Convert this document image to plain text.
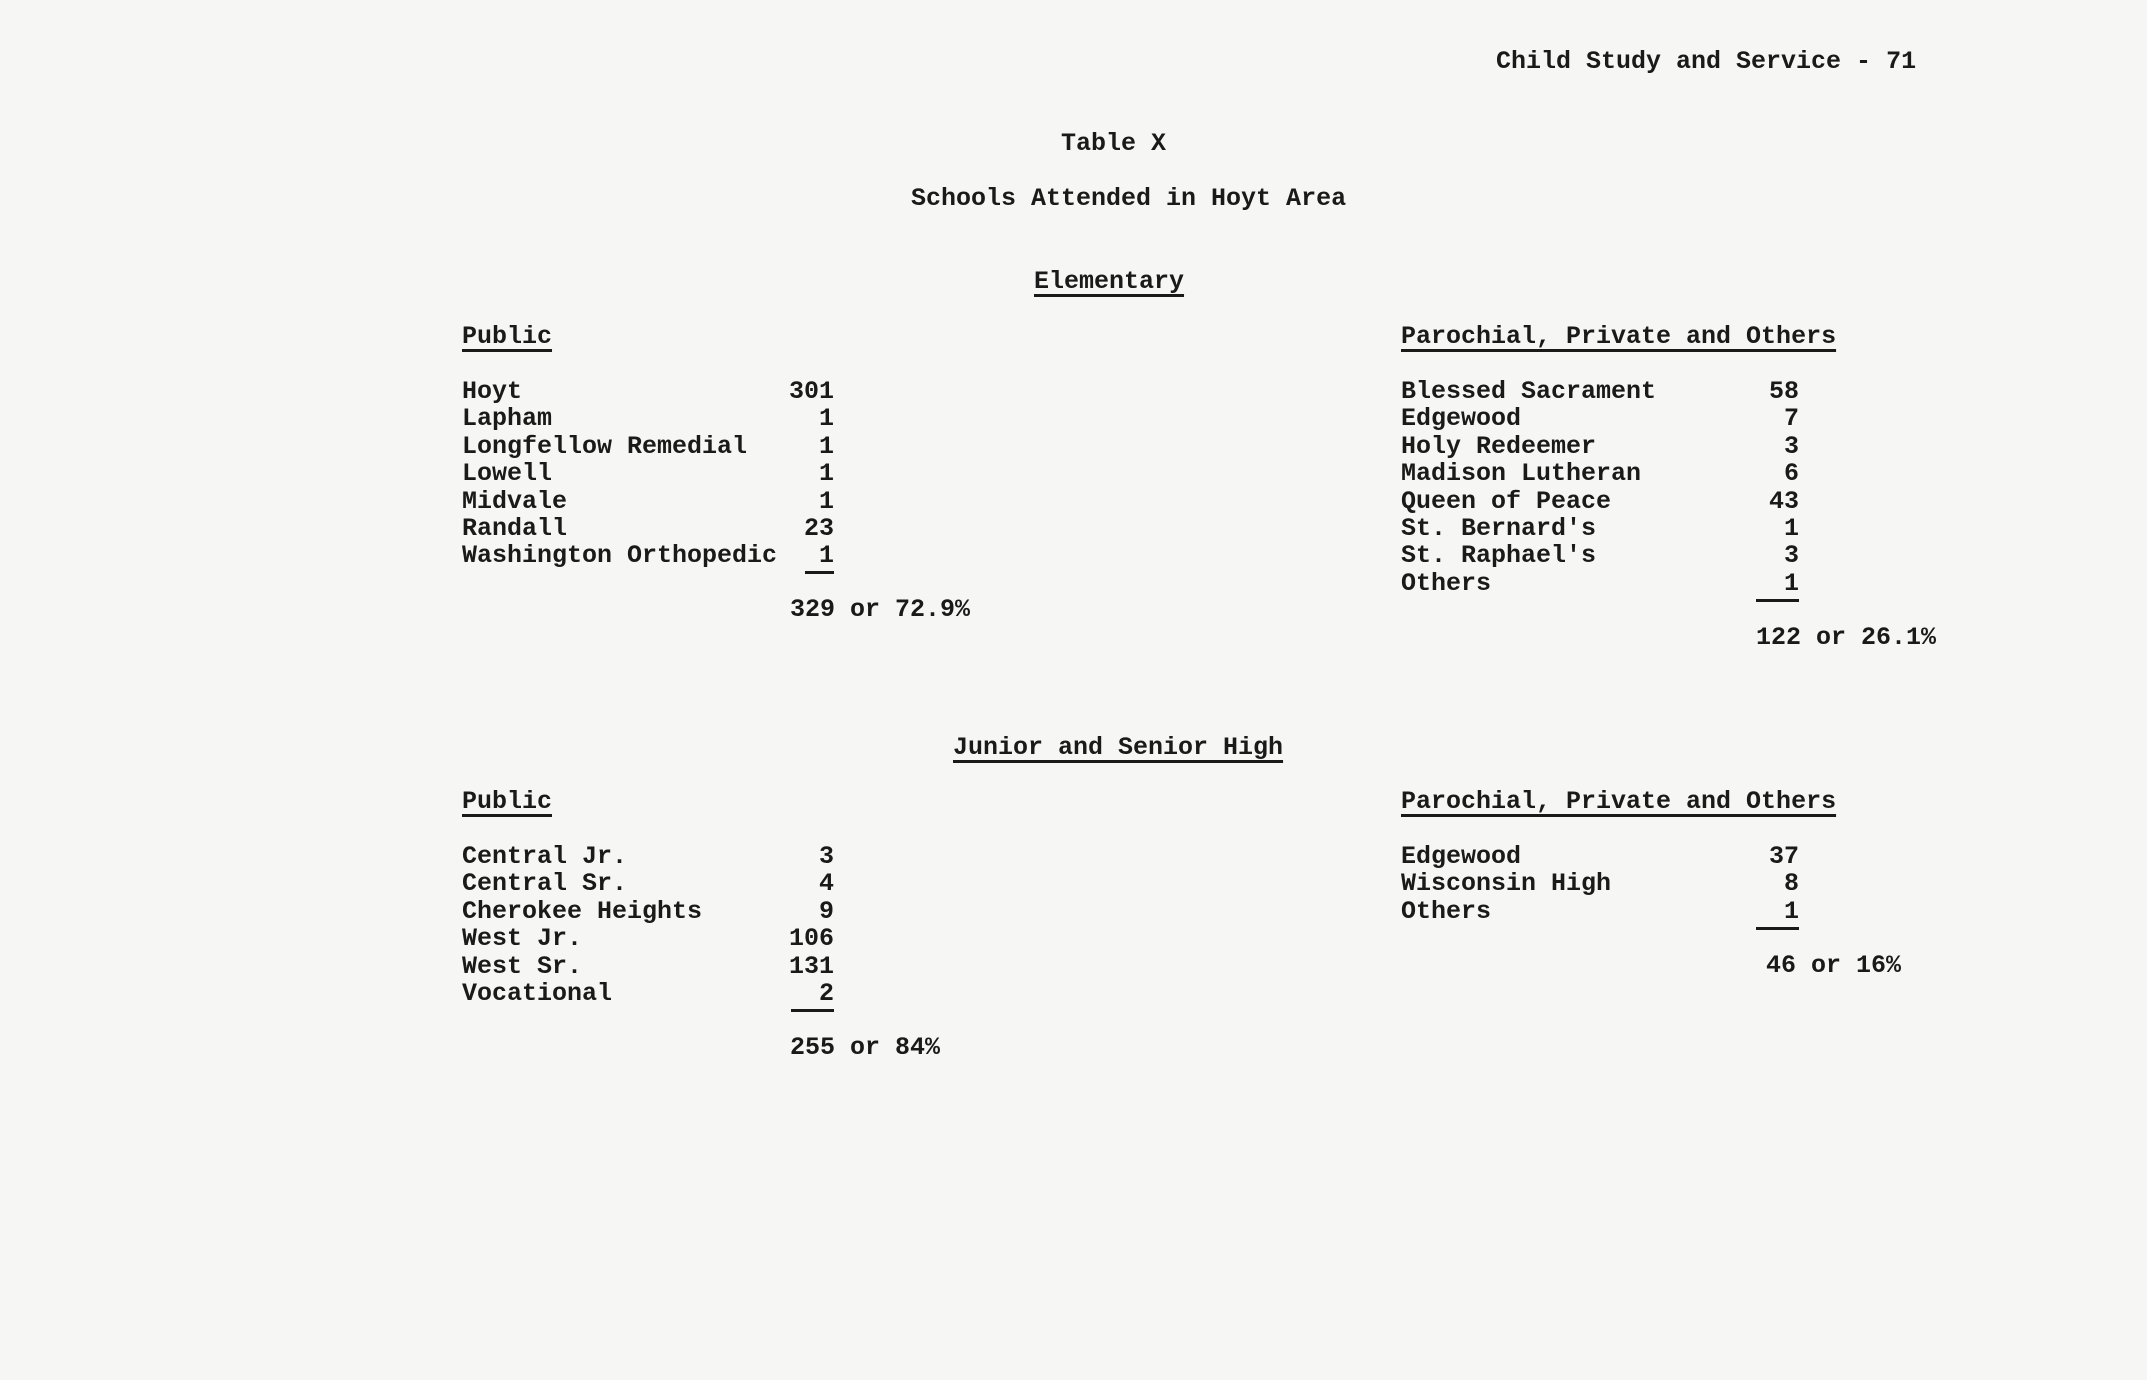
Child Study and Service - 71
Table X
Schools Attended in Hoyt Area
Elementary
Public
Hoyt	301
Lapham	1
Longfellow Remedial	1
Lowell	1
Midvale	1
Randall	23
Washington Orthopedic	1
329 or 72.9%
Parochial, Private and Others
Blessed Sacrament	58
Edgewood	7
Holy Redeemer	3
Madison Lutheran	6
Queen of Peace	43
St. Bernard's	1
St. Raphael's	3
Others	1
122 or 26.1%
Junior and Senior High
Public
Central Jr.	3
Central Sr.	4
Cherokee Heights	9
West Jr.	106
West Sr.	131
Vocational	2
255 or 84%
Parochial, Private and Others
Edgewood	37
Wisconsin High	8
Others	1
46 or 16%
